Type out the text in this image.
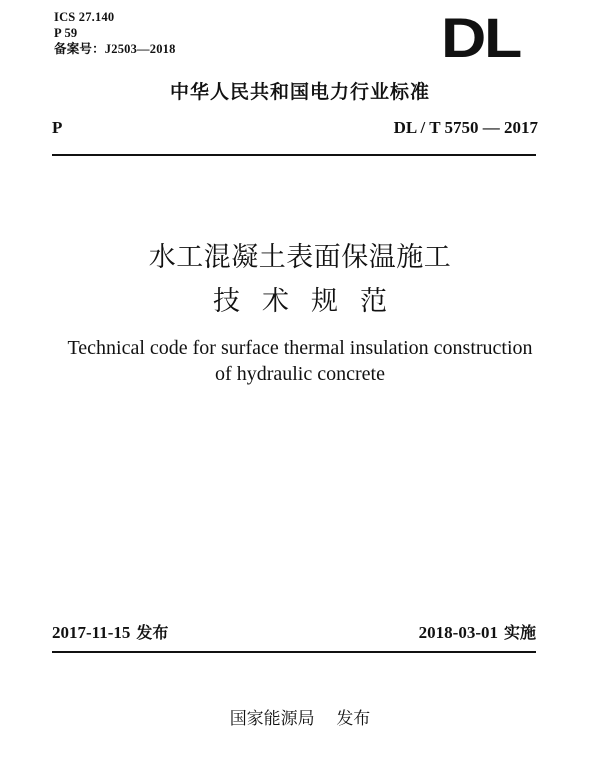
ICS 27.140
P 59
备案号：J2503—2018	DL
中华人民共和国电力行业标准
P	DL / T 5750 — 2017
水工混凝土表面保温施工
技术规范
Technical code for surface thermal insulation construction
of hydraulic concrete
2017-11-15 发布	2018-03-01 实施
国家能源局 发布
